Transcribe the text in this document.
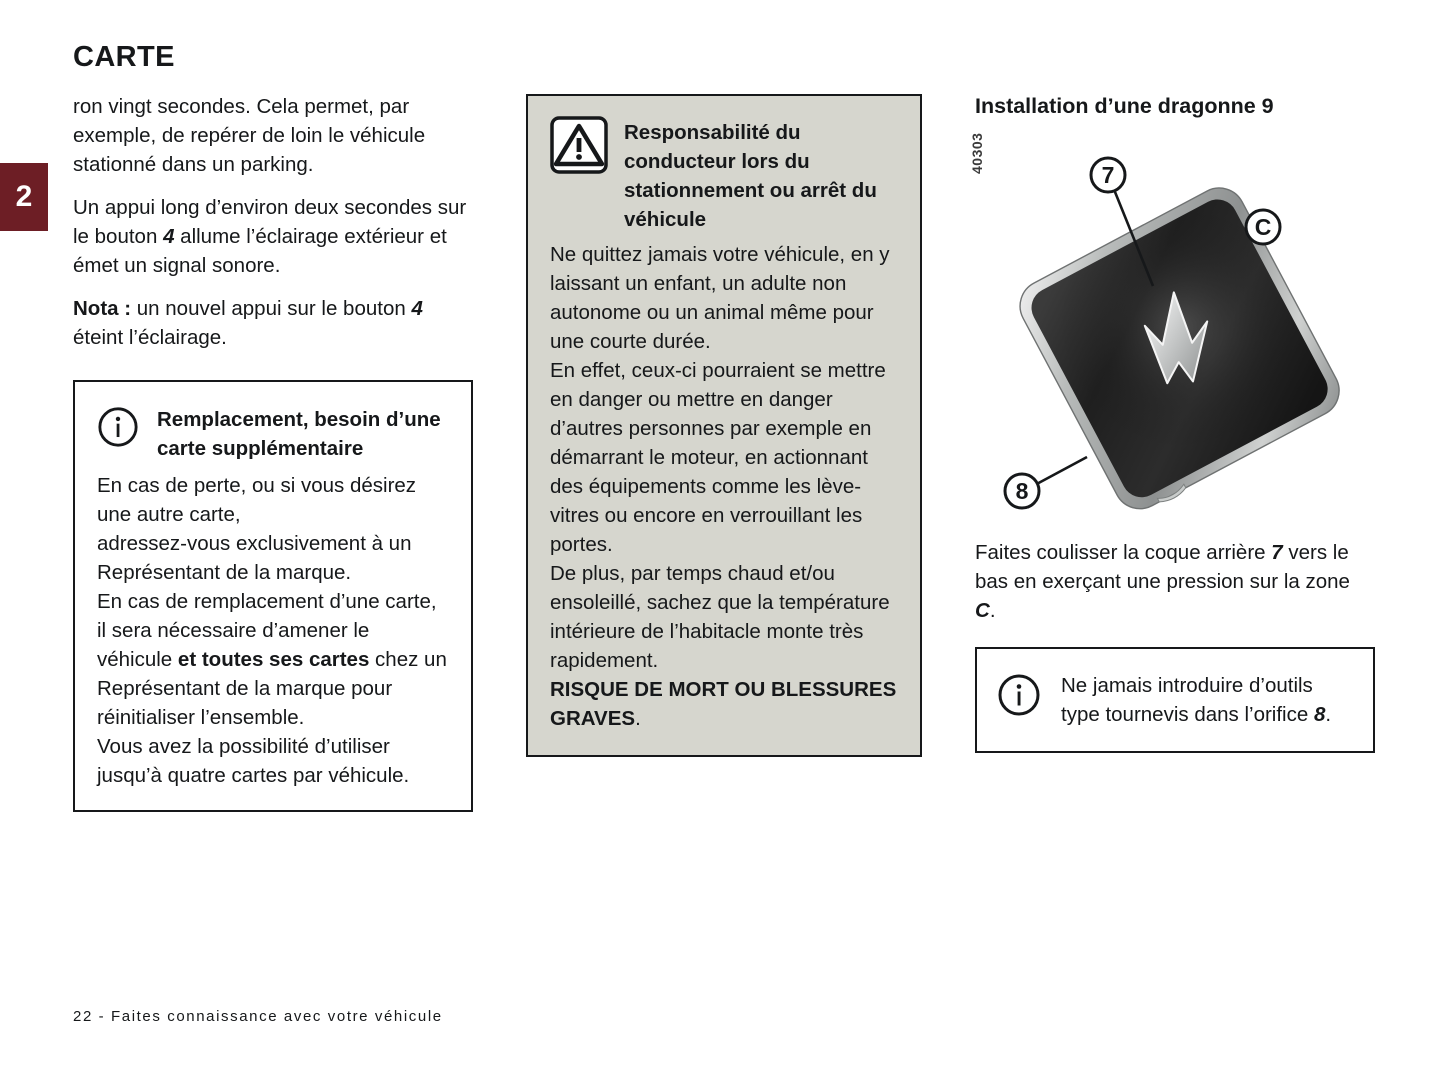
2
CARTE

ron vingt secondes. Cela permet, par exemple, de repérer de loin le véhicule stationné dans un parking.

Un appui long d’environ deux secondes sur le bouton 4 allume l’éclairage extérieur et émet un signal sonore.

Nota : un nouvel appui sur le bouton 4 éteint l’éclairage.

Remplacement, besoin d’une carte supplémentaire

En cas de perte, ou si vous désirez une autre carte,

adressez-vous exclusivement à un Représentant de la marque.

En cas de remplacement d’une carte, il sera nécessaire d’amener le véhicule et toutes ses cartes chez un Représentant de la marque pour réinitialiser l’ensemble.

Vous avez la possibilité d’utiliser jusqu’à quatre cartes par véhicule.

Responsabilité du conducteur lors du stationnement ou arrêt du véhicule

Ne quittez jamais votre véhicule, en y laissant un enfant, un adulte non autonome ou un animal même pour une courte durée.

En effet, ceux-ci pourraient se mettre en danger ou mettre en danger d’autres personnes par exemple en démarrant le moteur, en actionnant des équipements comme les lève-vitres ou encore en verrouillant les portes.

De plus, par temps chaud et/ou ensoleillé, sachez que la température intérieure de l’habitacle monte très rapidement.

RISQUE DE MORT OU BLESSURES GRAVES.

Installation d’une dragonne 9
40303
C
7
8

Faites coulisser la coque arrière 7 vers le bas en exerçant une pression sur la zone C.

Ne jamais introduire d’outils type tournevis dans l’orifice 8.
22 - Faites connaissance avec votre véhicule
